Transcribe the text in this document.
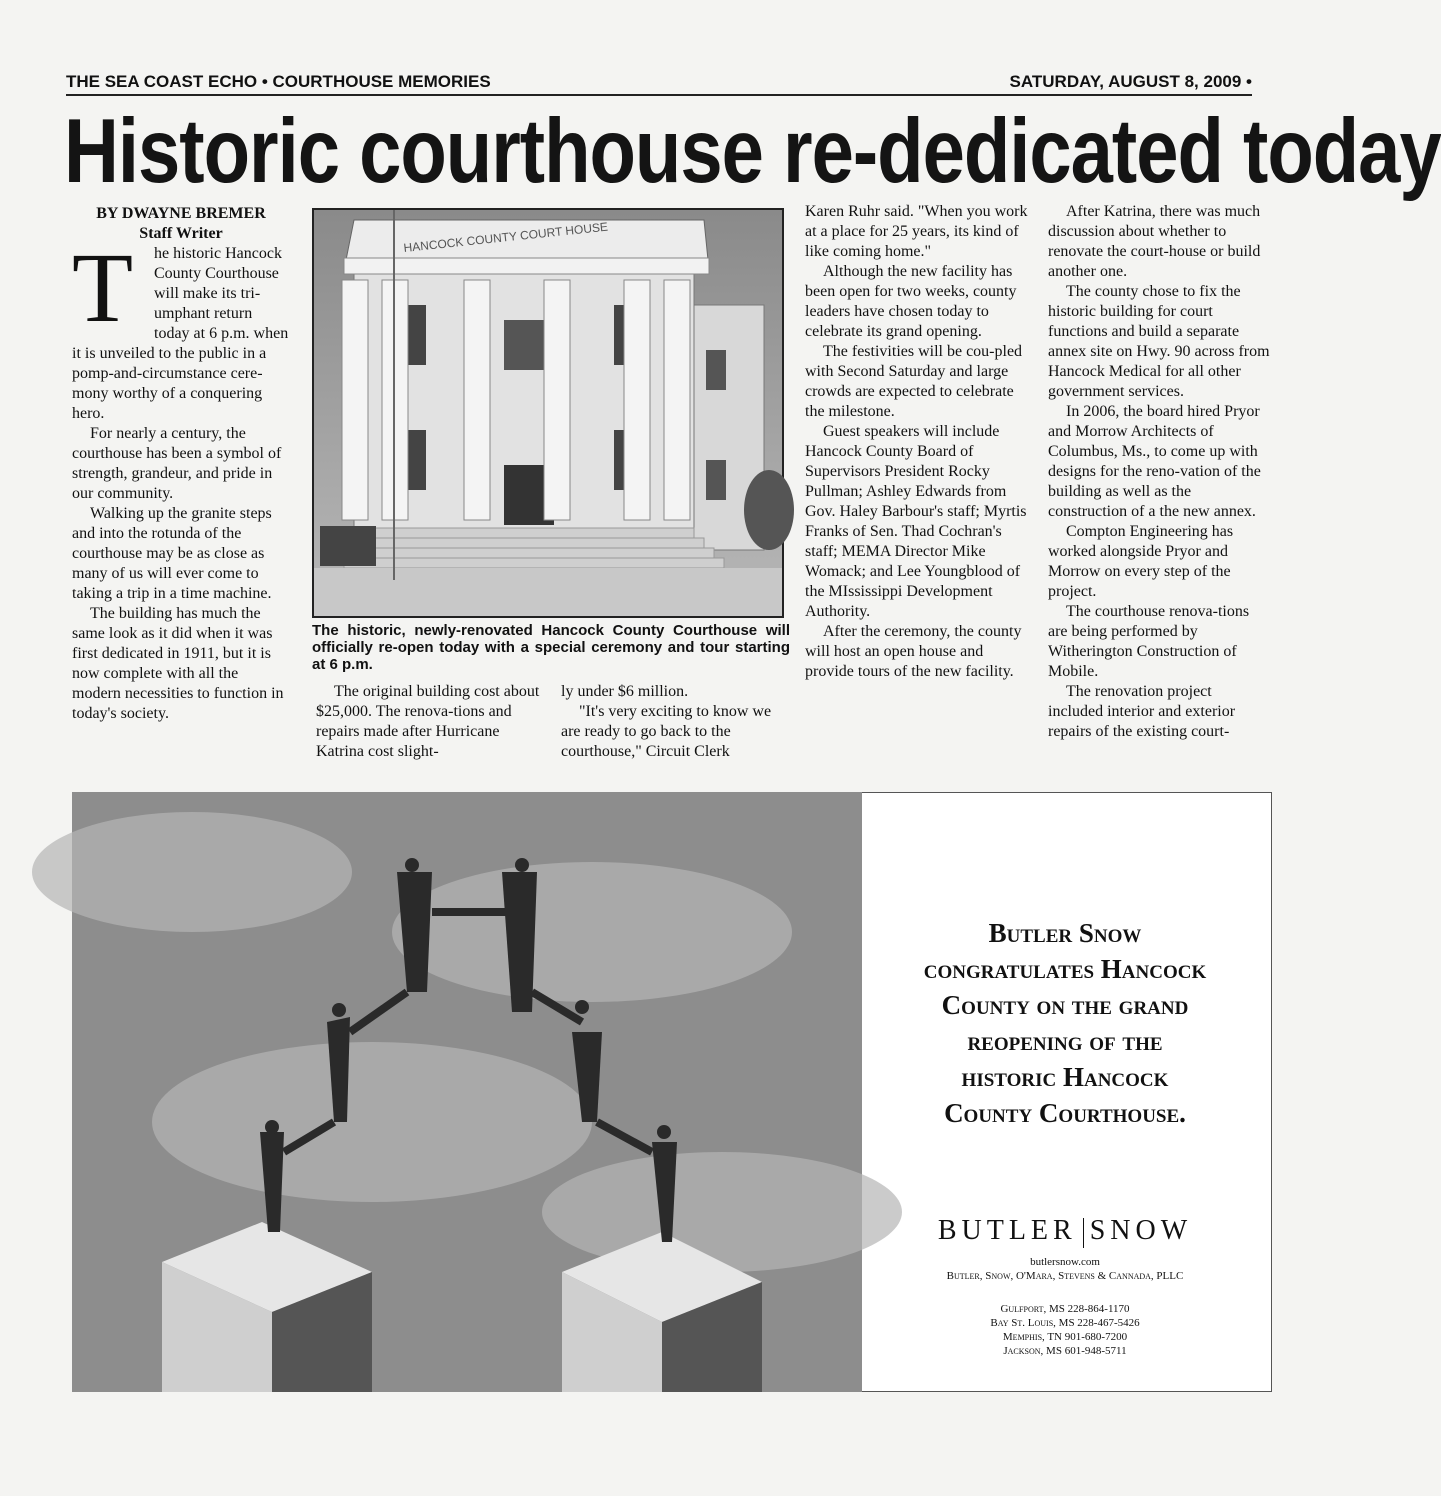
THE SEA COAST ECHO • COURTHOUSE MEMORIES	SATURDAY, AUGUST 8, 2009 •
Historic courthouse re-dedicated today
BY DWAYNE BREMER
Staff Writer

T	he historic Hancock County Courthouse will make its tri-umphant return today at 6 p.m. when it is unveiled to the public in a pomp-and-circumstance cere-mony worthy of a conquering hero.

For nearly a century, the courthouse has been a symbol of strength, grandeur, and pride in our community.

Walking up the granite steps and into the rotunda of the courthouse may be as close as many of us will ever come to taking a trip in a time machine.

The building has much the same look as it did when it was first dedicated in 1911, but it is now complete with all the modern necessities to function in today's society.

HANCOCK COUNTY COURT HOUSE
The historic, newly-renovated Hancock County Courthouse will officially re-open today with a special ceremony and tour starting at 6 p.m.

The original building cost about $25,000. The renova-tions and repairs made after Hurricane Katrina cost slight-

ly under $6 million.

"It's very exciting to know we are ready to go back to the courthouse," Circuit Clerk

Karen Ruhr said. "When you work at a place for 25 years, its kind of like coming home."

Although the new facility has been open for two weeks, county leaders have chosen today to celebrate its grand opening.

The festivities will be cou-pled with Second Saturday and large crowds are expected to celebrate the milestone.

Guest speakers will include Hancock County Board of Supervisors President Rocky Pullman; Ashley Edwards from Gov. Haley Barbour's staff; Myrtis Franks of Sen. Thad Cochran's staff; MEMA Director Mike Womack; and Lee Youngblood of the MIssissippi Development Authority.

After the ceremony, the county will host an open house and provide tours of the new facility.

After Katrina, there was much discussion about whether to renovate the court-house or build another one.

The county chose to fix the historic building for court functions and build a separate annex site on Hwy. 90 across from Hancock Medical for all other government services.

In 2006, the board hired Pryor and Morrow Architects of Columbus, Ms., to come up with designs for the reno-vation of the building as well as the construction of a the new annex.

Compton Engineering has worked alongside Pryor and Morrow on every step of the project.

The courthouse renova-tions are being performed by Witherington Construction of Mobile.

The renovation project included interior and exterior repairs of the existing court-

Butler Snow
congratulates Hancock
County on the grand
reopening of the
historic Hancock
County Courthouse.
BUTLER SNOW
butlersnow.com
Butler, Snow, O'Mara, Stevens & Cannada, PLLC
Gulfport, MS 228-864-1170
Bay St. Louis, MS 228-467-5426
Memphis, TN 901-680-7200
Jackson, MS 601-948-5711
